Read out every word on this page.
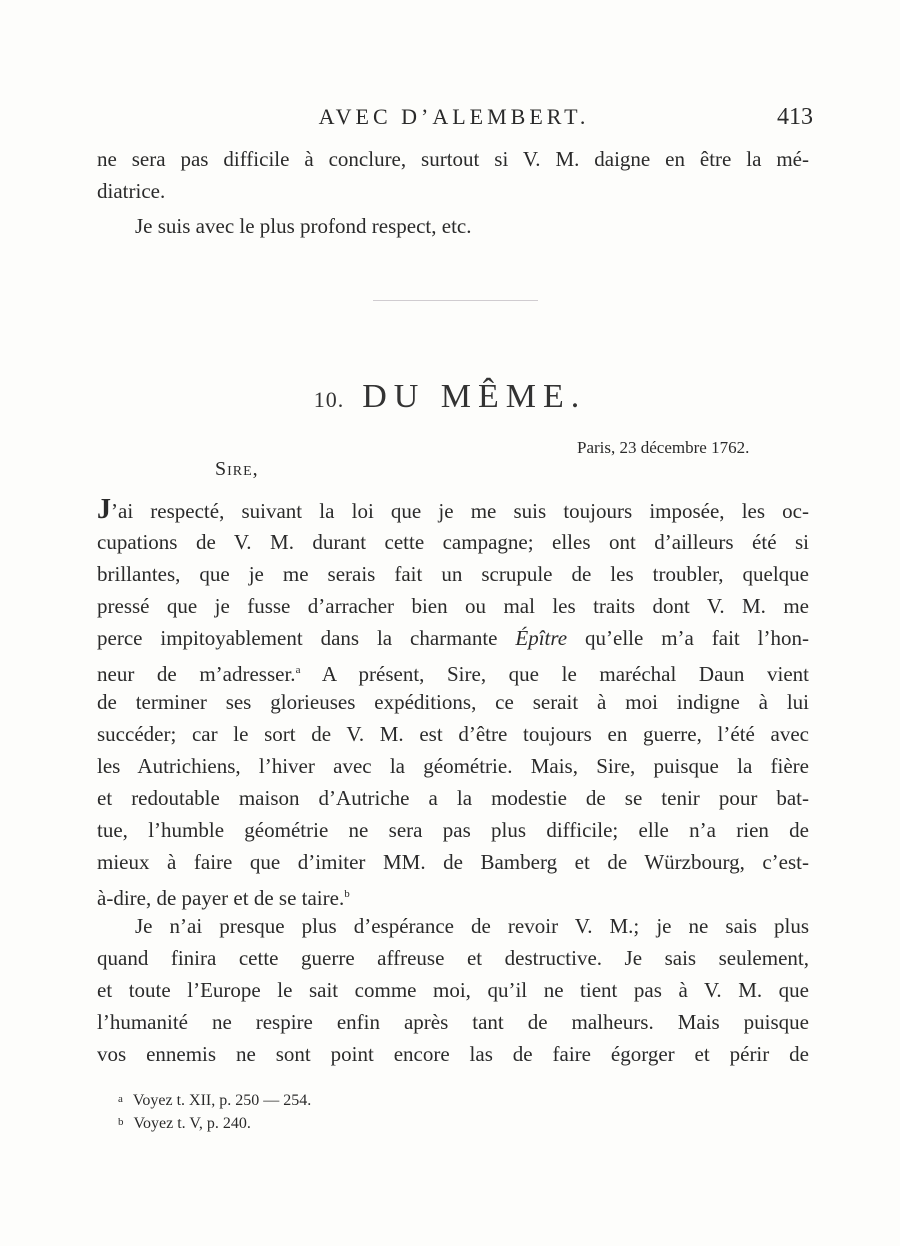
AVEC D’ALEMBERT.	413
ne sera pas difficile à conclure, surtout si V. M. daigne en être la mé-
diatrice.
Je suis avec le plus profond respect, etc.
10. DU MÊME.
Paris, 23 décembre 1762.
Sire,
J’ai respecté, suivant la loi que je me suis toujours imposée, les oc-
cupations de V. M. durant cette campagne; elles ont d’ailleurs été si
brillantes, que je me serais fait un scrupule de les troubler, quelque
pressé que je fusse d’arracher bien ou mal les traits dont V. M. me
perce impitoyablement dans la charmante Épître qu’elle m’a fait l’hon-
neur de m’adresser.$^a$ A présent, Sire, que le maréchal Daun vient
de terminer ses glorieuses expéditions, ce serait à moi indigne à lui
succéder; car le sort de V. M. est d’être toujours en guerre, l’été avec
les Autrichiens, l’hiver avec la géométrie. Mais, Sire, puisque la fière
et redoutable maison d’Autriche a la modestie de se tenir pour bat-
tue, l’humble géométrie ne sera pas plus difficile; elle n’a rien de
mieux à faire que d’imiter MM. de Bamberg et de Würzbourg, c’est-
à-dire, de payer et de se taire.$^b$
Je n’ai presque plus d’espérance de revoir V. M.; je ne sais plus
quand finira cette guerre affreuse et destructive. Je sais seulement,
et toute l’Europe le sait comme moi, qu’il ne tient pas à V. M. que
l’humanité ne respire enfin après tant de malheurs. Mais puisque
vos ennemis ne sont point encore las de faire égorger et périr de
a Voyez t. XII, p. 250 — 254.
b Voyez t. V, p. 240.
